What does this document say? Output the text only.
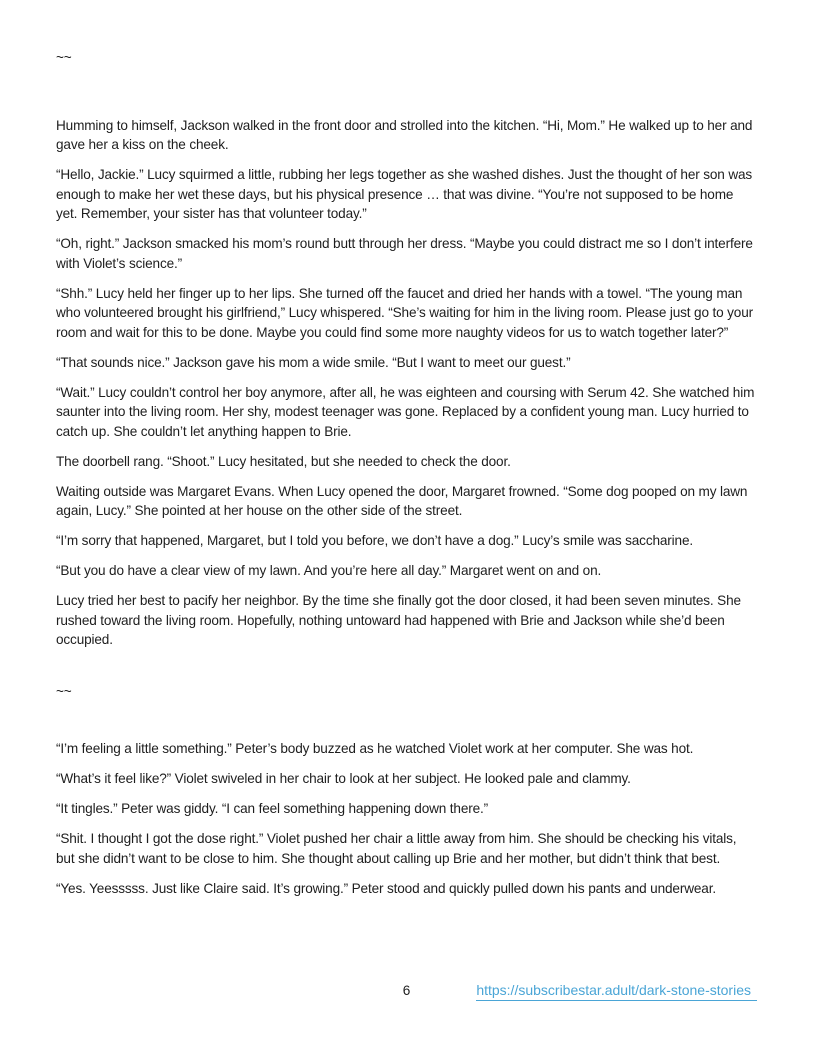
~~

Humming to himself, Jackson walked in the front door and strolled into the kitchen. “Hi, Mom.” He walked up to her and gave her a kiss on the cheek.

“Hello, Jackie.” Lucy squirmed a little, rubbing her legs together as she washed dishes. Just the thought of her son was enough to make her wet these days, but his physical presence … that was divine. “You’re not supposed to be home yet. Remember, your sister has that volunteer today.”

“Oh, right.” Jackson smacked his mom’s round butt through her dress. “Maybe you could distract me so I don’t interfere with Violet’s science.”

“Shh.” Lucy held her finger up to her lips. She turned off the faucet and dried her hands with a towel. “The young man who volunteered brought his girlfriend,” Lucy whispered. “She’s waiting for him in the living room. Please just go to your room and wait for this to be done. Maybe you could find some more naughty videos for us to watch together later?”

“That sounds nice.” Jackson gave his mom a wide smile. “But I want to meet our guest.”

“Wait.” Lucy couldn’t control her boy anymore, after all, he was eighteen and coursing with Serum 42. She watched him saunter into the living room. Her shy, modest teenager was gone. Replaced by a confident young man. Lucy hurried to catch up. She couldn’t let anything happen to Brie.

The doorbell rang. “Shoot.” Lucy hesitated, but she needed to check the door.

Waiting outside was Margaret Evans. When Lucy opened the door, Margaret frowned. “Some dog pooped on my lawn again, Lucy.” She pointed at her house on the other side of the street.

“I’m sorry that happened, Margaret, but I told you before, we don’t have a dog.” Lucy’s smile was saccharine.

“But you do have a clear view of my lawn. And you’re here all day.” Margaret went on and on.

Lucy tried her best to pacify her neighbor. By the time she finally got the door closed, it had been seven minutes. She rushed toward the living room. Hopefully, nothing untoward had happened with Brie and Jackson while she’d been occupied.

~~

“I’m feeling a little something.” Peter’s body buzzed as he watched Violet work at her computer. She was hot.

“What’s it feel like?” Violet swiveled in her chair to look at her subject. He looked pale and clammy.

“It tingles.” Peter was giddy. “I can feel something happening down there.”

“Shit. I thought I got the dose right.” Violet pushed her chair a little away from him. She should be checking his vitals, but she didn’t want to be close to him. She thought about calling up Brie and her mother, but didn’t think that best.

“Yes. Yeesssss. Just like Claire said. It’s growing.” Peter stood and quickly pulled down his pants and underwear.

6	https://subscribestar.adult/dark-stone-stories
